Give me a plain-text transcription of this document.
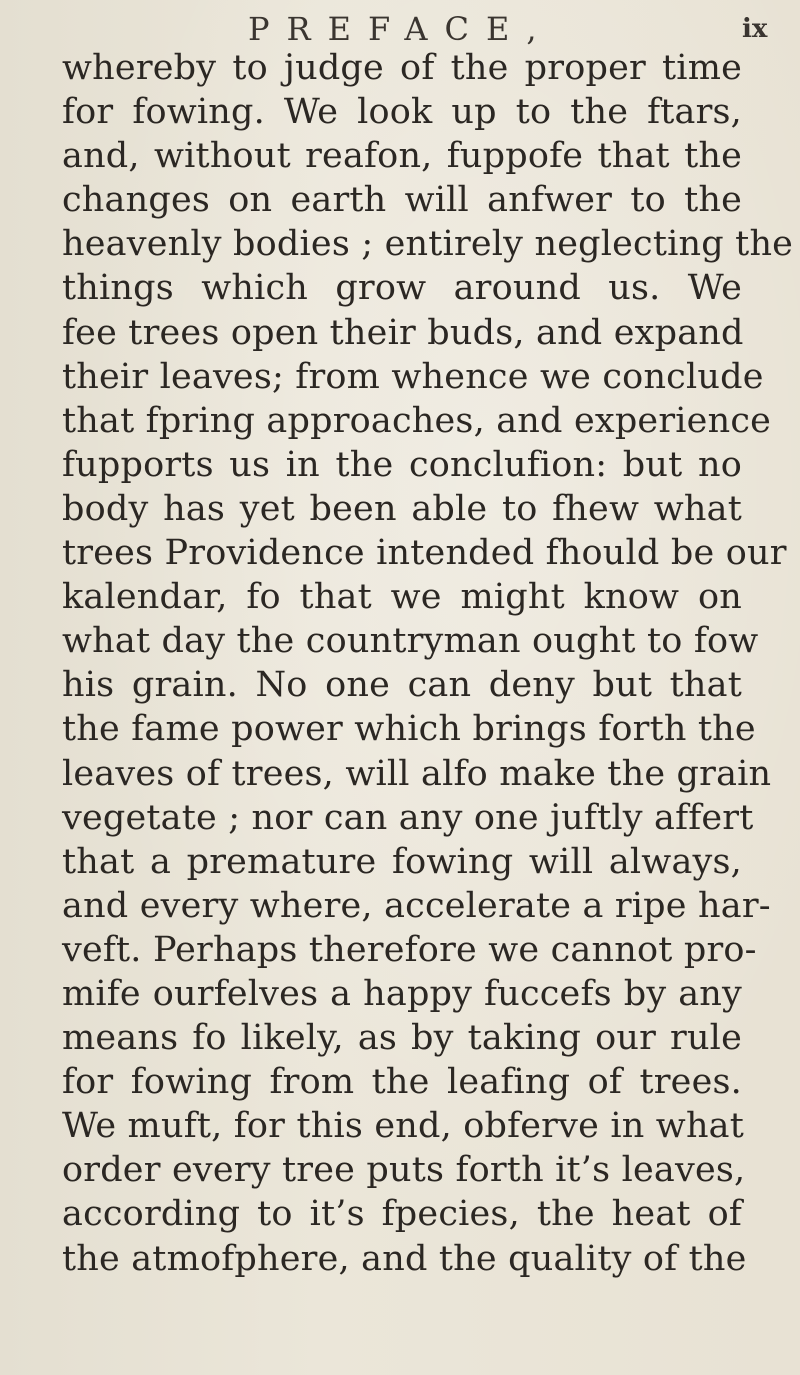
PREFACE,	ix
whereby to judge of the proper time
for fowing. We look up to the ftars,
and, without reafon, fuppofe that the
changes on earth will anfwer to the
heavenly bodies ; entirely neglecting the
things which grow around us. We
fee trees open their buds, and expand
their leaves; from whence we conclude
that fpring approaches, and experience
fupports us in the conclufion: but no
body has yet been able to fhew what
trees Providence intended fhould be our
kalendar, fo that we might know on
what day the countryman ought to fow
his grain. No one can deny but that
the fame power which brings forth the
leaves of trees, will alfo make the grain
vegetate ; nor can any one juftly affert
that a premature fowing will always,
and every where, accelerate a ripe har-
veft. Perhaps therefore we cannot pro-
mife ourfelves a happy fuccefs by any
means fo likely, as by taking our rule
for fowing from the leafing of trees.
We muft, for this end, obferve in what
order every tree puts forth it’s leaves,
according to it’s fpecies, the heat of
the atmofphere, and the quality of the
